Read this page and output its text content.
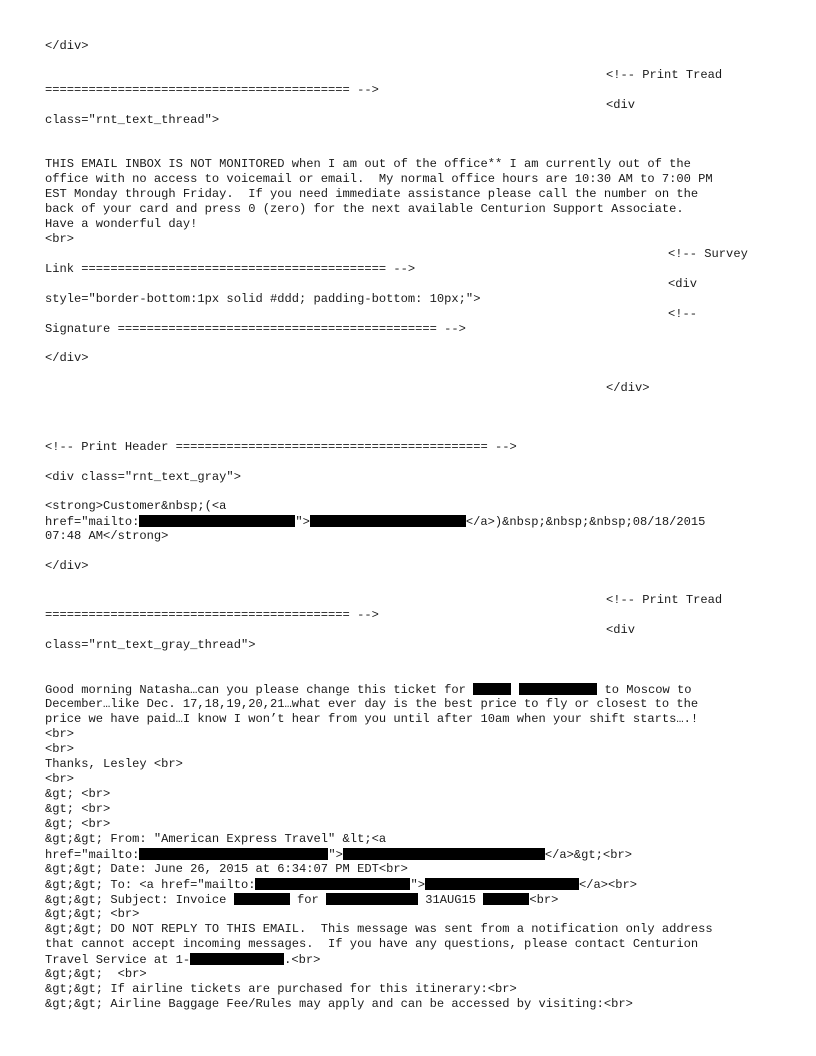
</div>
<!-- Print Tread
========================================== -->
<div
class="rnt_text_thread">
THIS EMAIL INBOX IS NOT MONITORED when I am out of the office** I am currently out of the
office with no access to voicemail or email.  My normal office hours are 10:30 AM to 7:00 PM
EST Monday through Friday.  If you need immediate assistance please call the number on the
back of your card and press 0 (zero) for the next available Centurion Support Associate.
Have a wonderful day!
<br>
<!-- Survey
Link ========================================== -->
<div
style="border-bottom:1px solid #ddd; padding-bottom: 10px;">
<!--
Signature ============================================ -->
</div>
</div>
<!-- Print Header =========================================== -->
<div class="rnt_text_gray">
<strong>Customer&nbsp;(<a
href="mailto:	">	</a>)&nbsp;&nbsp;&nbsp;08/18/2015
07:48 AM</strong>
</div>
<!-- Print Tread
========================================== -->
<div
class="rnt_text_gray_thread">
Good morning Natasha…can you please change this ticket for	to Moscow to
December…like Dec. 17,18,19,20,21…what ever day is the best price to fly or closest to the
price we have paid…I know I won’t hear from you until after 10am when your shift starts….!
<br>
<br>
Thanks, Lesley <br>
<br>
&gt; <br>
&gt; <br>
&gt; <br>
&gt;&gt; From: "American Express Travel" &lt;<a
href="mailto:	">	</a>&gt;<br>
&gt;&gt; Date: June 26, 2015 at 6:34:07 PM EDT<br>
&gt;&gt; To: <a href="mailto:	">	</a><br>
&gt;&gt; Subject: Invoice	for	31AUG15	<br>
&gt;&gt; <br>
&gt;&gt; DO NOT REPLY TO THIS EMAIL.  This message was sent from a notification only address
that cannot accept incoming messages.  If you have any questions, please contact Centurion
Travel Service at 1-	.<br>
&gt;&gt;  <br>
&gt;&gt; If airline tickets are purchased for this itinerary:<br>
&gt;&gt; Airline Baggage Fee/Rules may apply and can be accessed by visiting:<br>
